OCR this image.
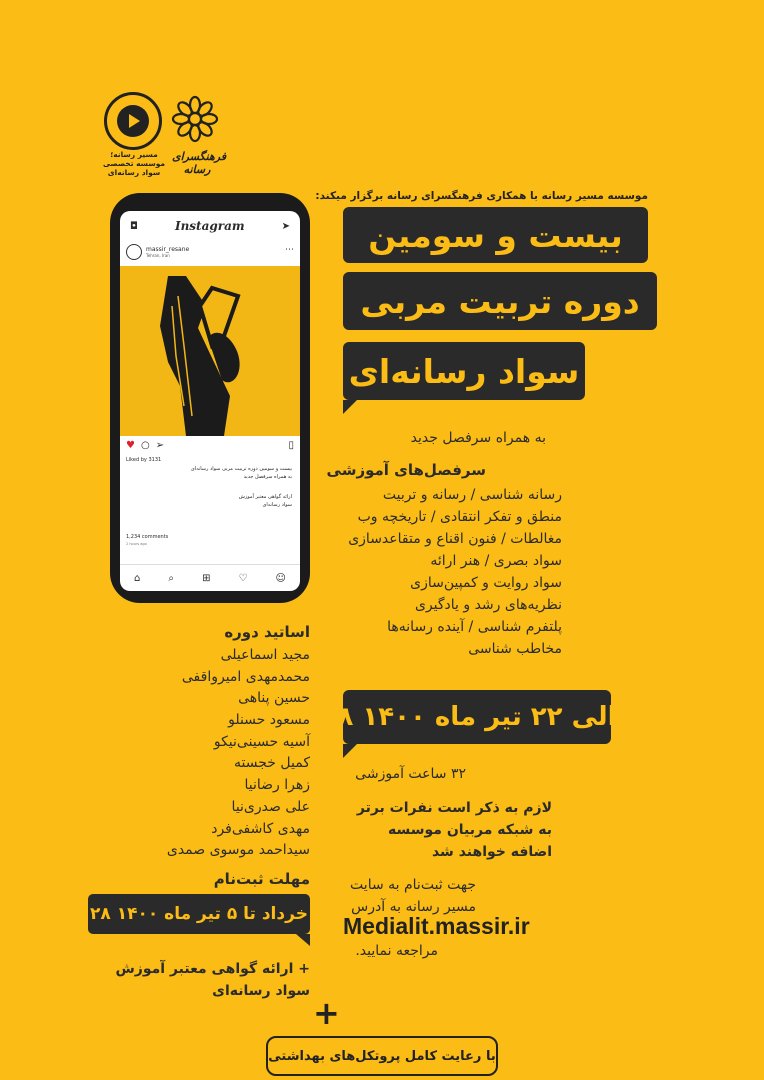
مسیر رسانه؛ موسسه تخصصی سواد رسانه‌ای
فرهنگسرای رسانه
موسسه مسیر رسانه با همکاری فرهنگسرای رسانه برگزار میکند:
بیست و سومین
دوره تربیت مربی
سواد رسانه‌ای
به همراه سرفصل جدید
سرفصل‌های آموزشی
رسانه شناسی / رسانه و تربیت
منطق و تفکر انتقادی / تاریخچه وب
مغالطات / فنون اقناع و متقاعدسازی
سواد بصری / هنر ارائه
سواد روایت و کمپین‌سازی
نظریه‌های رشد و یادگیری
پلتفرم شناسی / آینده رسانه‌ها
مخاطب شناسی
۸ الی ۲۲ تیر ماه ۱۴۰۰
۳۲ ساعت آموزشی
لازم به ذکر است نفرات برتر
به شبکه مربیان موسسه
اضافه خواهند شد
جهت ثبت‌نام به سایت
مسیر رسانه به آدرس
Medialit.massir.ir
مراجعه نمایید.
◘	Instagram	➤
massir_resane
Tehran, Iran
⋯
♥ ○ ➢	▯
Liked by 3131
بیست و سومین دوره تربیت مربی سواد رسانه‌ای
به همراه سرفصل جدید
ارائه گواهی معتبر آموزش
سواد رسانه‌ای
1,234 comments
2 hours ago
⌂	⌕	⊞	♡	☺
اساتید دوره
مجید اسماعیلی
محمدمهدی امیرواقفی
حسین پناهی
مسعود حسنلو
آسیه حسینی‌نیکو
کمیل خجسته
زهرا رضانیا
علی صدری‌نیا
مهدی کاشفی‌فرد
سیداحمد موسوی صمدی
مهلت ثبت‌نام
۲۸ خرداد تا ۵ تیر ماه ۱۴۰۰
+ ارائه گواهی معتبر آموزش
سواد رسانه‌ای
+
با رعایت کامل پروتکل‌های بهداشتی
